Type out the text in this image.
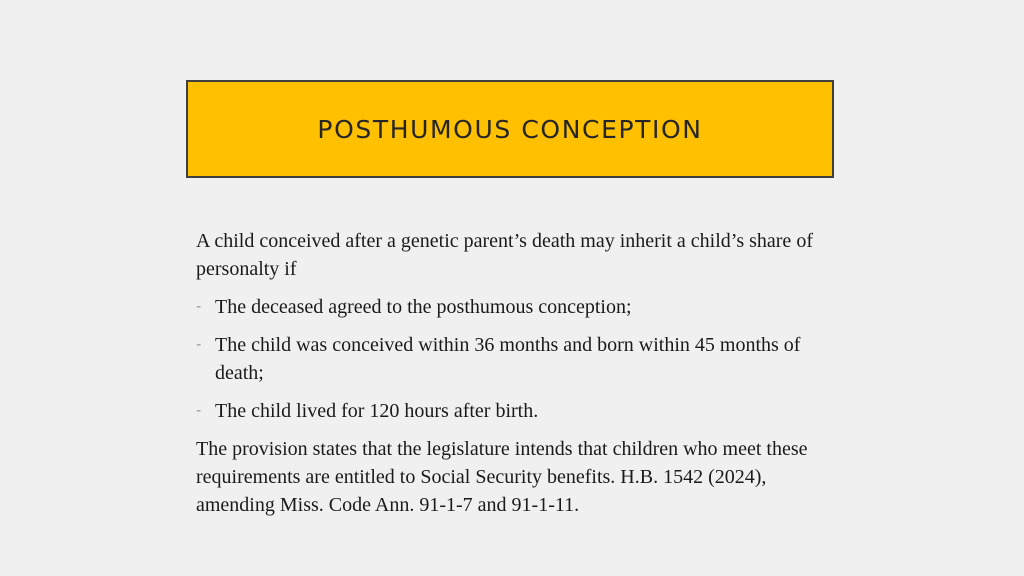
POSTHUMOUS CONCEPTION

A child conceived after a genetic parent’s death may inherit a child’s share of personalty if

- The deceased agreed to the posthumous conception;
- The child was conceived within 36 months and born within 45 months of death;
- The child lived for 120 hours after birth.

The provision states that the legislature intends that children who meet these requirements are entitled to Social Security benefits. H.B. 1542 (2024), amending Miss. Code Ann. 91-1-7 and 91-1-11.
